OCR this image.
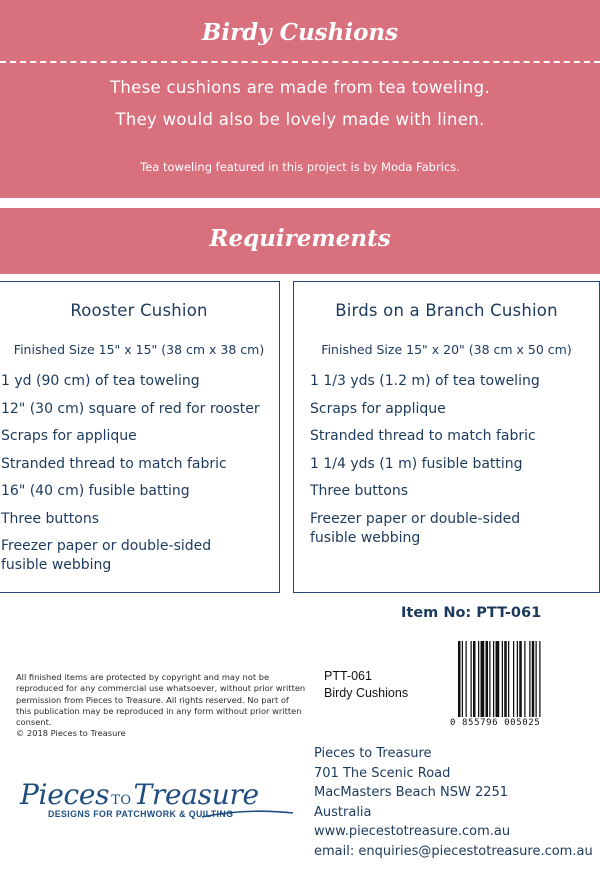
Birdy Cushions
These cushions are made from tea toweling.
They would also be lovely made with linen.
Tea toweling featured in this project is by Moda Fabrics.
Requirements
Rooster Cushion
Finished Size 15" x 15" (38 cm x 38 cm)
1 yd (90 cm) of tea toweling
12" (30 cm) square of red for rooster
Scraps for applique
Stranded thread to match fabric
16" (40 cm) fusible batting
Three buttons
Freezer paper or double-sided fusible webbing
Birds on a Branch Cushion
Finished Size 15" x 20" (38 cm x 50 cm)
1 1/3 yds (1.2 m) of tea toweling
Scraps for applique
Stranded thread to match fabric
1 1/4 yds (1 m) fusible batting
Three buttons
Freezer paper or double-sided fusible webbing
Item No: PTT-061

All finished items are protected by copyright and may not be reproduced for any commercial use whatsoever, without prior written permission from Pieces to Treasure. All rights reserved. No part of this publication may be reproduced in any form without prior written consent.

© 2018 Pieces to Treasure

PTT-061
Birdy Cushions
0 855796 005025

Pieces to Treasure

701 The Scenic Road

MacMasters Beach NSW 2251

Australia

www.piecestotreasure.com.au

email: enquiries@piecestotreasure.com.au

Pieces TOTreasure
DESIGNS FOR PATCHWORK & QUILTING
